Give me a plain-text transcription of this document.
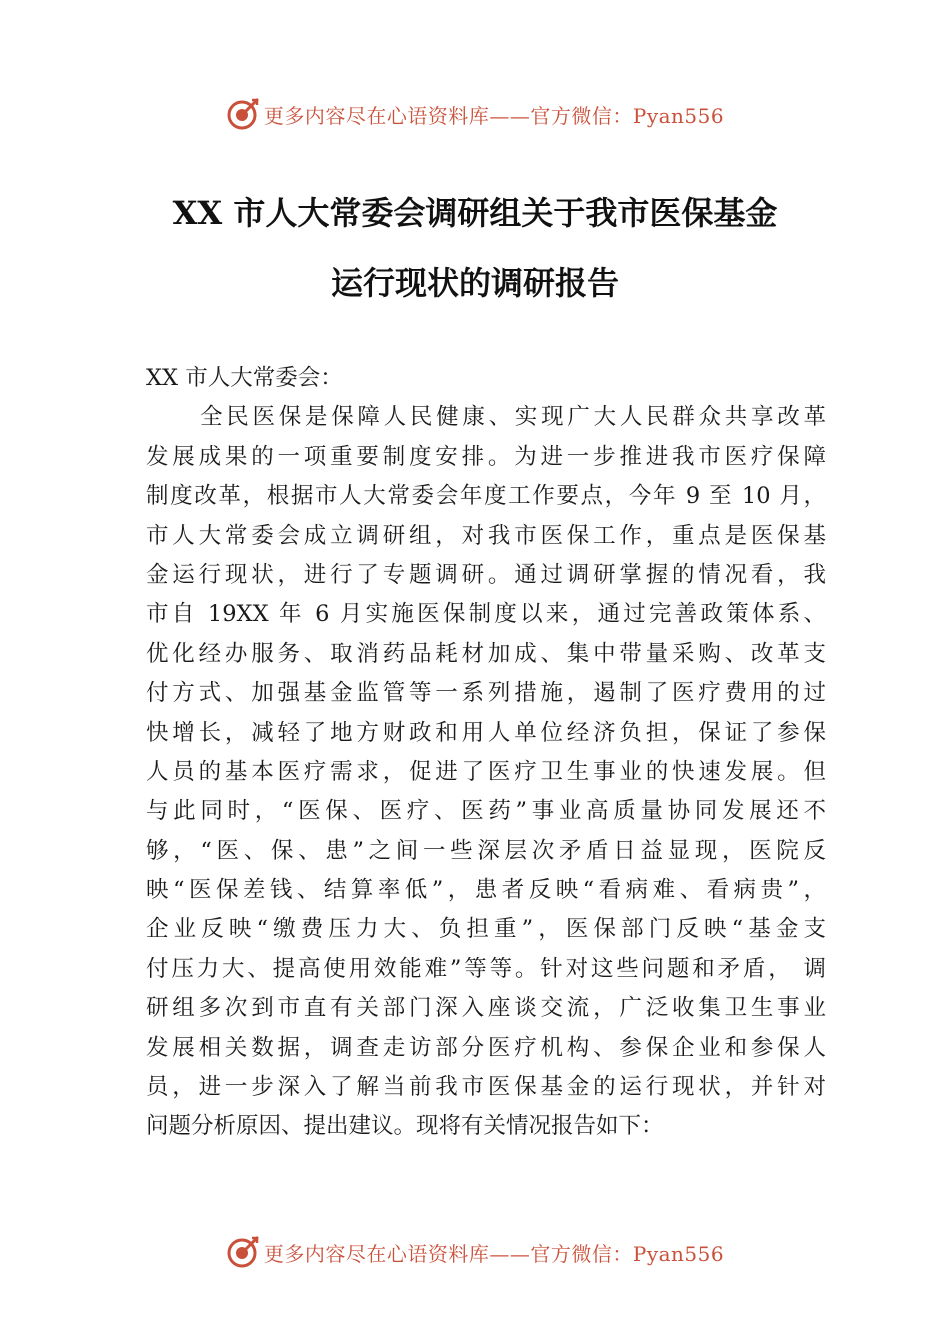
更多内容尽在心语资料库——官方微信：Pyan556
XX 市人大常委会调研组关于我市医保基金
运行现状的调研报告
XX 市人大常委会：
全民医保是保障人民健康、实现广大人民群众共享改革
发展成果的一项重要制度安排。为进一步推进我市医疗保障
制度改革，根据市人大常委会年度工作要点，今年 9 至 10 月，
市人大常委会成立调研组，对我市医保工作，重点是医保基
金运行现状，进行了专题调研。通过调研掌握的情况看，我
市自 19XX 年 6 月实施医保制度以来，通过完善政策体系、
优化经办服务、取消药品耗材加成、集中带量采购、改革支
付方式、加强基金监管等一系列措施，遏制了医疗费用的过
快增长，减轻了地方财政和用人单位经济负担，保证了参保
人员的基本医疗需求，促进了医疗卫生事业的快速发展。但
与此同时，“医保、医疗、医药”事业高质量协同发展还不
够，“医、保、患”之间一些深层次矛盾日益显现，医院反
映“医保差钱、结算率低”，患者反映“看病难、看病贵”，
企业反映“缴费压力大、负担重”，医保部门反映“基金支
付压力大、提高使用效能难”等等。针对这些问题和矛盾， 调
研组多次到市直有关部门深入座谈交流，广泛收集卫生事业
发展相关数据，调查走访部分医疗机构、参保企业和参保人
员，进一步深入了解当前我市医保基金的运行现状，并针对
问题分析原因、提出建议。现将有关情况报告如下：
更多内容尽在心语资料库——官方微信：Pyan556
